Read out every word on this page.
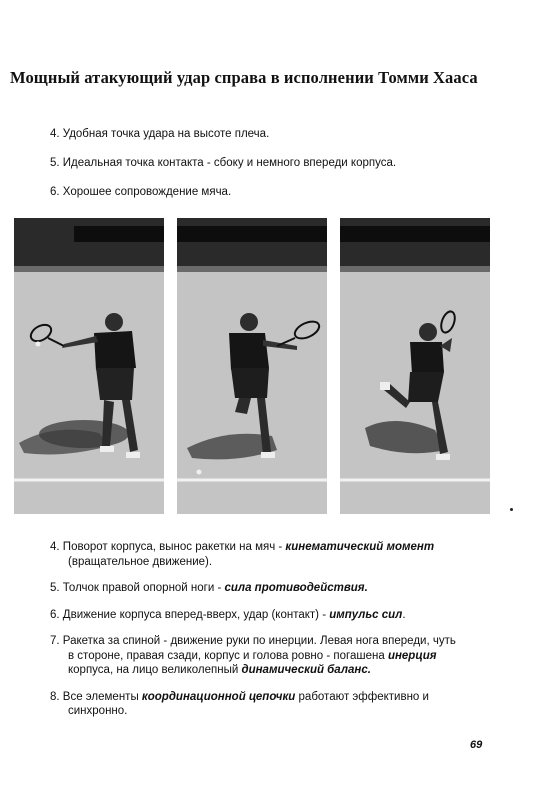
Мощный атакующий удар справа в исполнении Томми Хааса
4. Удобная точка удара на высоте плеча.
5. Идеальная точка контакта - сбоку и немного впереди корпуса.
6. Хорошее сопровождение мяча.
4. Поворот корпуса, вынос ракетки на мяч - кинематический момент
(вращательное движение).
5. Толчок правой опорной ноги - сила противодействия.
6. Движение корпуса вперед-вверх, удар (контакт) - импульс сил.
7. Ракетка за спиной - движение руки по инерции. Левая нога впереди, чуть
в стороне, правая сзади, корпус и голова ровно - погашена инерция
корпуса, на лицо великолепный динамический баланс.
8. Все элементы координационной цепочки работают эффективно и
синхронно.
69
